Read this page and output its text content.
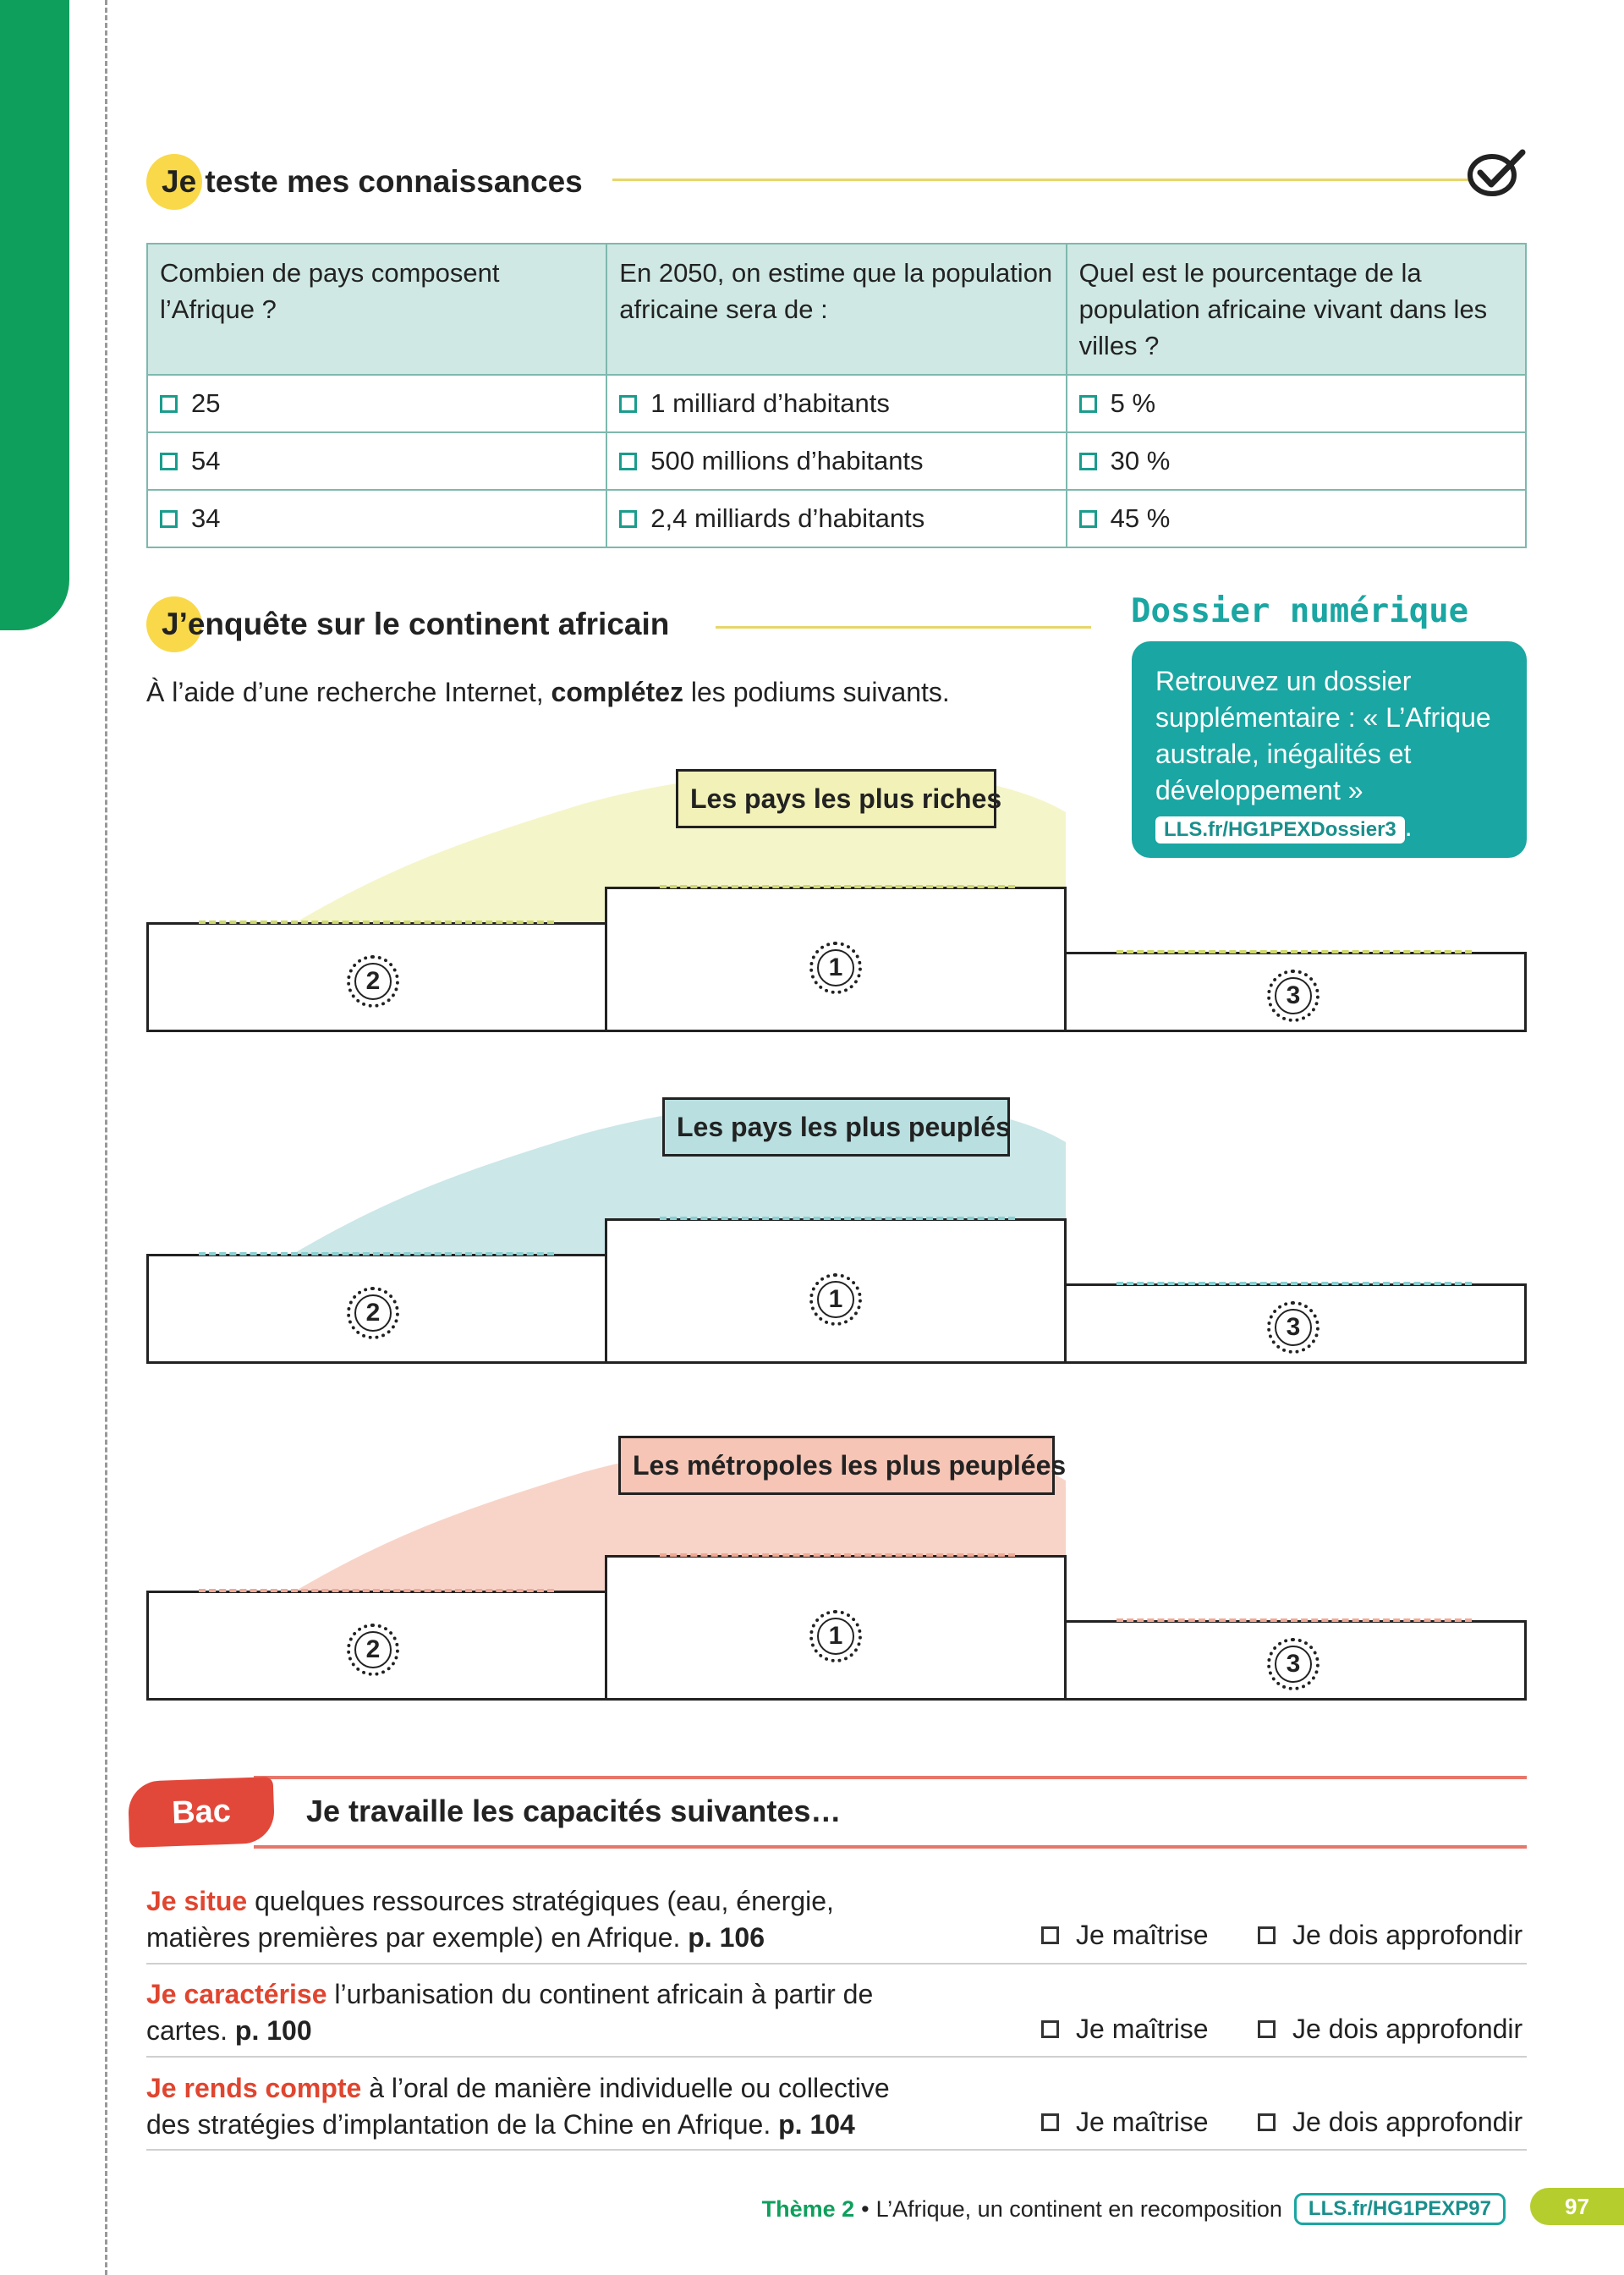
Je teste mes connaissances
Combien de pays composent l’Afrique ?	En 2050, on estime que la population africaine sera de :	Quel est le pourcentage de la population africaine vivant dans les villes ?

25	1 milliard d’habitants	5 %

54	500 millions d’habitants	30 %

34	2,4 milliards d’habitants	45 %
J’enquête sur le continent africain
À l’aide d’une recherche Internet, complétez les podiums suivants.
Dossier numérique
Retrouvez un dossier supplémentaire : « L’Afrique australe, inégalités et développement »
LLS.fr/HG1PEXDossier3 .
Les pays les plus riches
2	1
3
Les pays les plus peuplés
2	1
3
Les métropoles les plus peuplées
2	1
3
Bac	Je travaille les capacités suivantes…
Je situe quelques ressources stratégiques (eau, énergie,
matières premières par exemple) en Afrique. p. 106	Je maîtrise	Je dois approfondir
Je caractérise l’urbanisation du continent africain à partir de
cartes. p. 100	Je maîtrise	Je dois approfondir
Je rends compte à l’oral de manière individuelle ou collective
des stratégies d’implantation de la Chine en Afrique. p. 104	Je maîtrise	Je dois approfondir
Thème 2 • L’Afrique, un continent en recomposition	LLS.fr/HG1PEXP97	97
